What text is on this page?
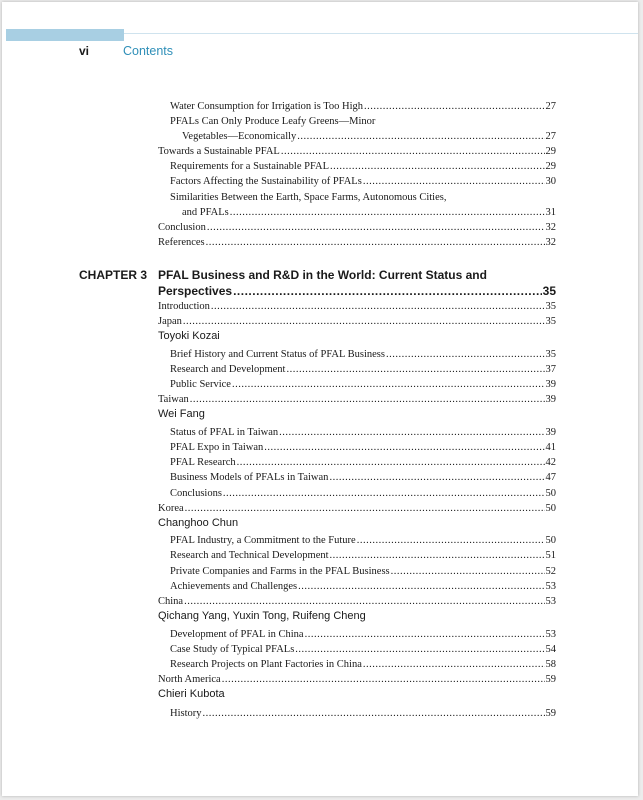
vi	Contents
Water Consumption for Irrigation is Too High .....	27
PFALs Can Only Produce Leafy Greens—Minor
Vegetables—Economically .....	27
Towards a Sustainable PFAL .....	29
Requirements for a Sustainable PFAL .....	29
Factors Affecting the Sustainability of PFALs .....	30
Similarities Between the Earth, Space Farms, Autonomous Cities,
and PFALs .....	31
Conclusion .....	32
References .....	32
CHAPTER 3 PFAL Business and R&D in the World: Current Status and
Perspectives .....	35
Introduction .....	35
Japan .....	35
Toyoki Kozai
Brief History and Current Status of PFAL Business .....	35
Research and Development .....	37
Public Service .....	39
Taiwan .....	39
Wei Fang
Status of PFAL in Taiwan .....	39
PFAL Expo in Taiwan .....	41
PFAL Research .....	42
Business Models of PFALs in Taiwan .....	47
Conclusions .....	50
Korea .....	50
Changhoo Chun
PFAL Industry, a Commitment to the Future .....	50
Research and Technical Development .....	51
Private Companies and Farms in the PFAL Business .....	52
Achievements and Challenges .....	53
China .....	53
Qichang Yang, Yuxin Tong, Ruifeng Cheng
Development of PFAL in China .....	53
Case Study of Typical PFALs .....	54
Research Projects on Plant Factories in China .....	58
North America .....	59
Chieri Kubota
History .....	59
